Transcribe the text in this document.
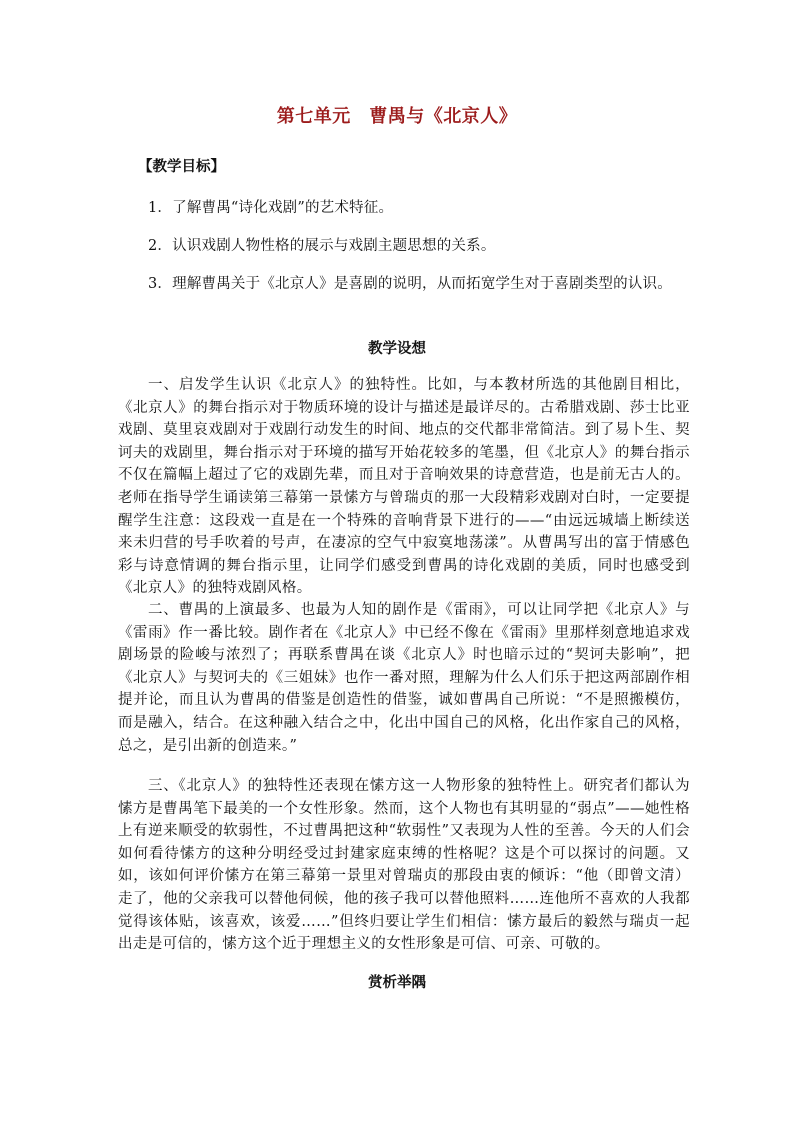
第七单元　曹禺与《北京人》
【教学目标】
1．了解曹禺“诗化戏剧”的艺术特征。
2．认识戏剧人物性格的展示与戏剧主题思想的关系。
3．理解曹禺关于《北京人》是喜剧的说明，从而拓宽学生对于喜剧类型的认识。
教学设想
一、启发学生认识《北京人》的独特性。比如，与本教材所选的其他剧目相比，《北京人》的舞台指示对于物质环境的设计与描述是最详尽的。古希腊戏剧、莎士比亚戏剧、莫里哀戏剧对于戏剧行动发生的时间、地点的交代都非常简洁。到了易卜生、契诃夫的戏剧里，舞台指示对于环境的描写开始花较多的笔墨，但《北京人》的舞台指示不仅在篇幅上超过了它的戏剧先辈，而且对于音响效果的诗意营造，也是前无古人的。老师在指导学生诵读第三幕第一景愫方与曾瑞贞的那一大段精彩戏剧对白时，一定要提醒学生注意：这段戏一直是在一个特殊的音响背景下进行的——“由远远城墙上断续送来未归营的号手吹着的号声，在凄凉的空气中寂寞地荡漾”。从曹禺写出的富于情感色彩与诗意情调的舞台指示里，让同学们感受到曹禺的诗化戏剧的美质，同时也感受到《北京人》的独特戏剧风格。
二、曹禺的上演最多、也最为人知的剧作是《雷雨》，可以让同学把《北京人》与《雷雨》作一番比较。剧作者在《北京人》中已经不像在《雷雨》里那样刻意地追求戏剧场景的险峻与浓烈了；再联系曹禺在谈《北京人》时也暗示过的“契诃夫影响”，把《北京人》与契诃夫的《三姐妹》也作一番对照，理解为什么人们乐于把这两部剧作相提并论，而且认为曹禺的借鉴是创造性的借鉴，诚如曹禺自己所说：“不是照搬模仿，而是融入，结合。在这种融入结合之中，化出中国自己的风格，化出作家自己的风格，总之，是引出新的创造来。”
三、《北京人》的独特性还表现在愫方这一人物形象的独特性上。研究者们都认为愫方是曹禺笔下最美的一个女性形象。然而，这个人物也有其明显的“弱点”——她性格上有逆来顺受的软弱性，不过曹禺把这种“软弱性”又表现为人性的至善。今天的人们会如何看待愫方的这种分明经受过封建家庭束缚的性格呢？这是个可以探讨的问题。又如，该如何评价愫方在第三幕第一景里对曾瑞贞的那段由衷的倾诉：“他（即曾文清）走了，他的父亲我可以替他伺候，他的孩子我可以替他照料……连他所不喜欢的人我都觉得该体贴，该喜欢，该爱……”但终归要让学生们相信：愫方最后的毅然与瑞贞一起出走是可信的，愫方这个近于理想主义的女性形象是可信、可亲、可敬的。
赏析举隅
